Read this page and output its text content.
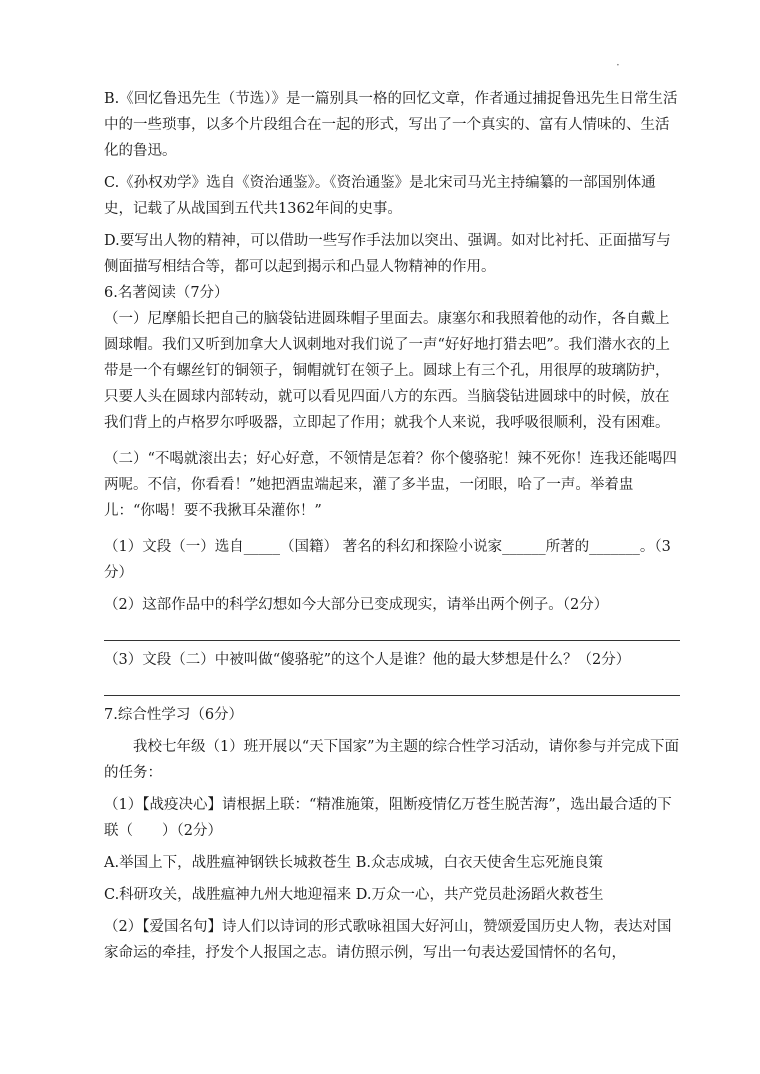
·

B.《回忆鲁迅先生（节选）》是一篇别具一格的回忆文章，作者通过捕捉鲁迅先生日常生活中的一些琐事，以多个片段组合在一起的形式，写出了一个真实的、富有人情味的、生活化的鲁迅。

C.《孙权劝学》选自《资治通鉴》。《资治通鉴》是北宋司马光主持编纂的一部国别体通史，记载了从战国到五代共1362年间的史事。

D.要写出人物的精神，可以借助一些写作手法加以突出、强调。如对比衬托、正面描写与侧面描写相结合等，都可以起到揭示和凸显人物精神的作用。

6.名著阅读（7分）

（一）尼摩船长把自己的脑袋钻进圆珠帽子里面去。康塞尔和我照着他的动作，各自戴上圆球帽。我们又听到加拿大人讽刺地对我们说了一声“好好地打猎去吧”。我们潜水衣的上带是一个有螺丝钉的铜领子，铜帽就钉在领子上。圆球上有三个孔，用很厚的玻璃防护，只要人头在圆球内部转动，就可以看见四面八方的东西。当脑袋钻进圆球中的时候，放在我们背上的卢格罗尔呼吸器，立即起了作用；就我个人来说，我呼吸很顺利，没有困难。

（二）“不喝就滚出去；好心好意，不领情是怎着？你个傻骆驼！辣不死你！连我还能喝四两呢。不信，你看看！”她把酒盅端起来，灌了多半盅，一闭眼，哈了一声。举着盅儿：“你喝！要不我揪耳朵灌你！”

（1）文段（一）选自_____（国籍） 著名的科幻和探险小说家______所著的_______。（3分）

（2）这部作品中的科学幻想如今大部分已变成现实，请举出两个例子。（2分）

（3）文段（二）中被叫做“傻骆驼”的这个人是谁？他的最大梦想是什么？（2分）

7.综合性学习（6分）

我校七年级（1）班开展以“天下国家”为主题的综合性学习活动，请你参与并完成下面的任务：

（1）【战疫决心】请根据上联：“精准施策，阻断疫情亿万苍生脱苦海”，选出最合适的下联（　　）（2分）

A.举国上下，战胜瘟神钢铁长城救苍生 B.众志成城，白衣天使舍生忘死施良策

C.科研攻关，战胜瘟神九州大地迎福来 D.万众一心，共产党员赴汤蹈火救苍生

（2）【爱国名句】诗人们以诗词的形式歌咏祖国大好河山，赞颂爱国历史人物，表达对国家命运的牵挂，抒发个人报国之志。请仿照示例，写出一句表达爱国情怀的名句，
